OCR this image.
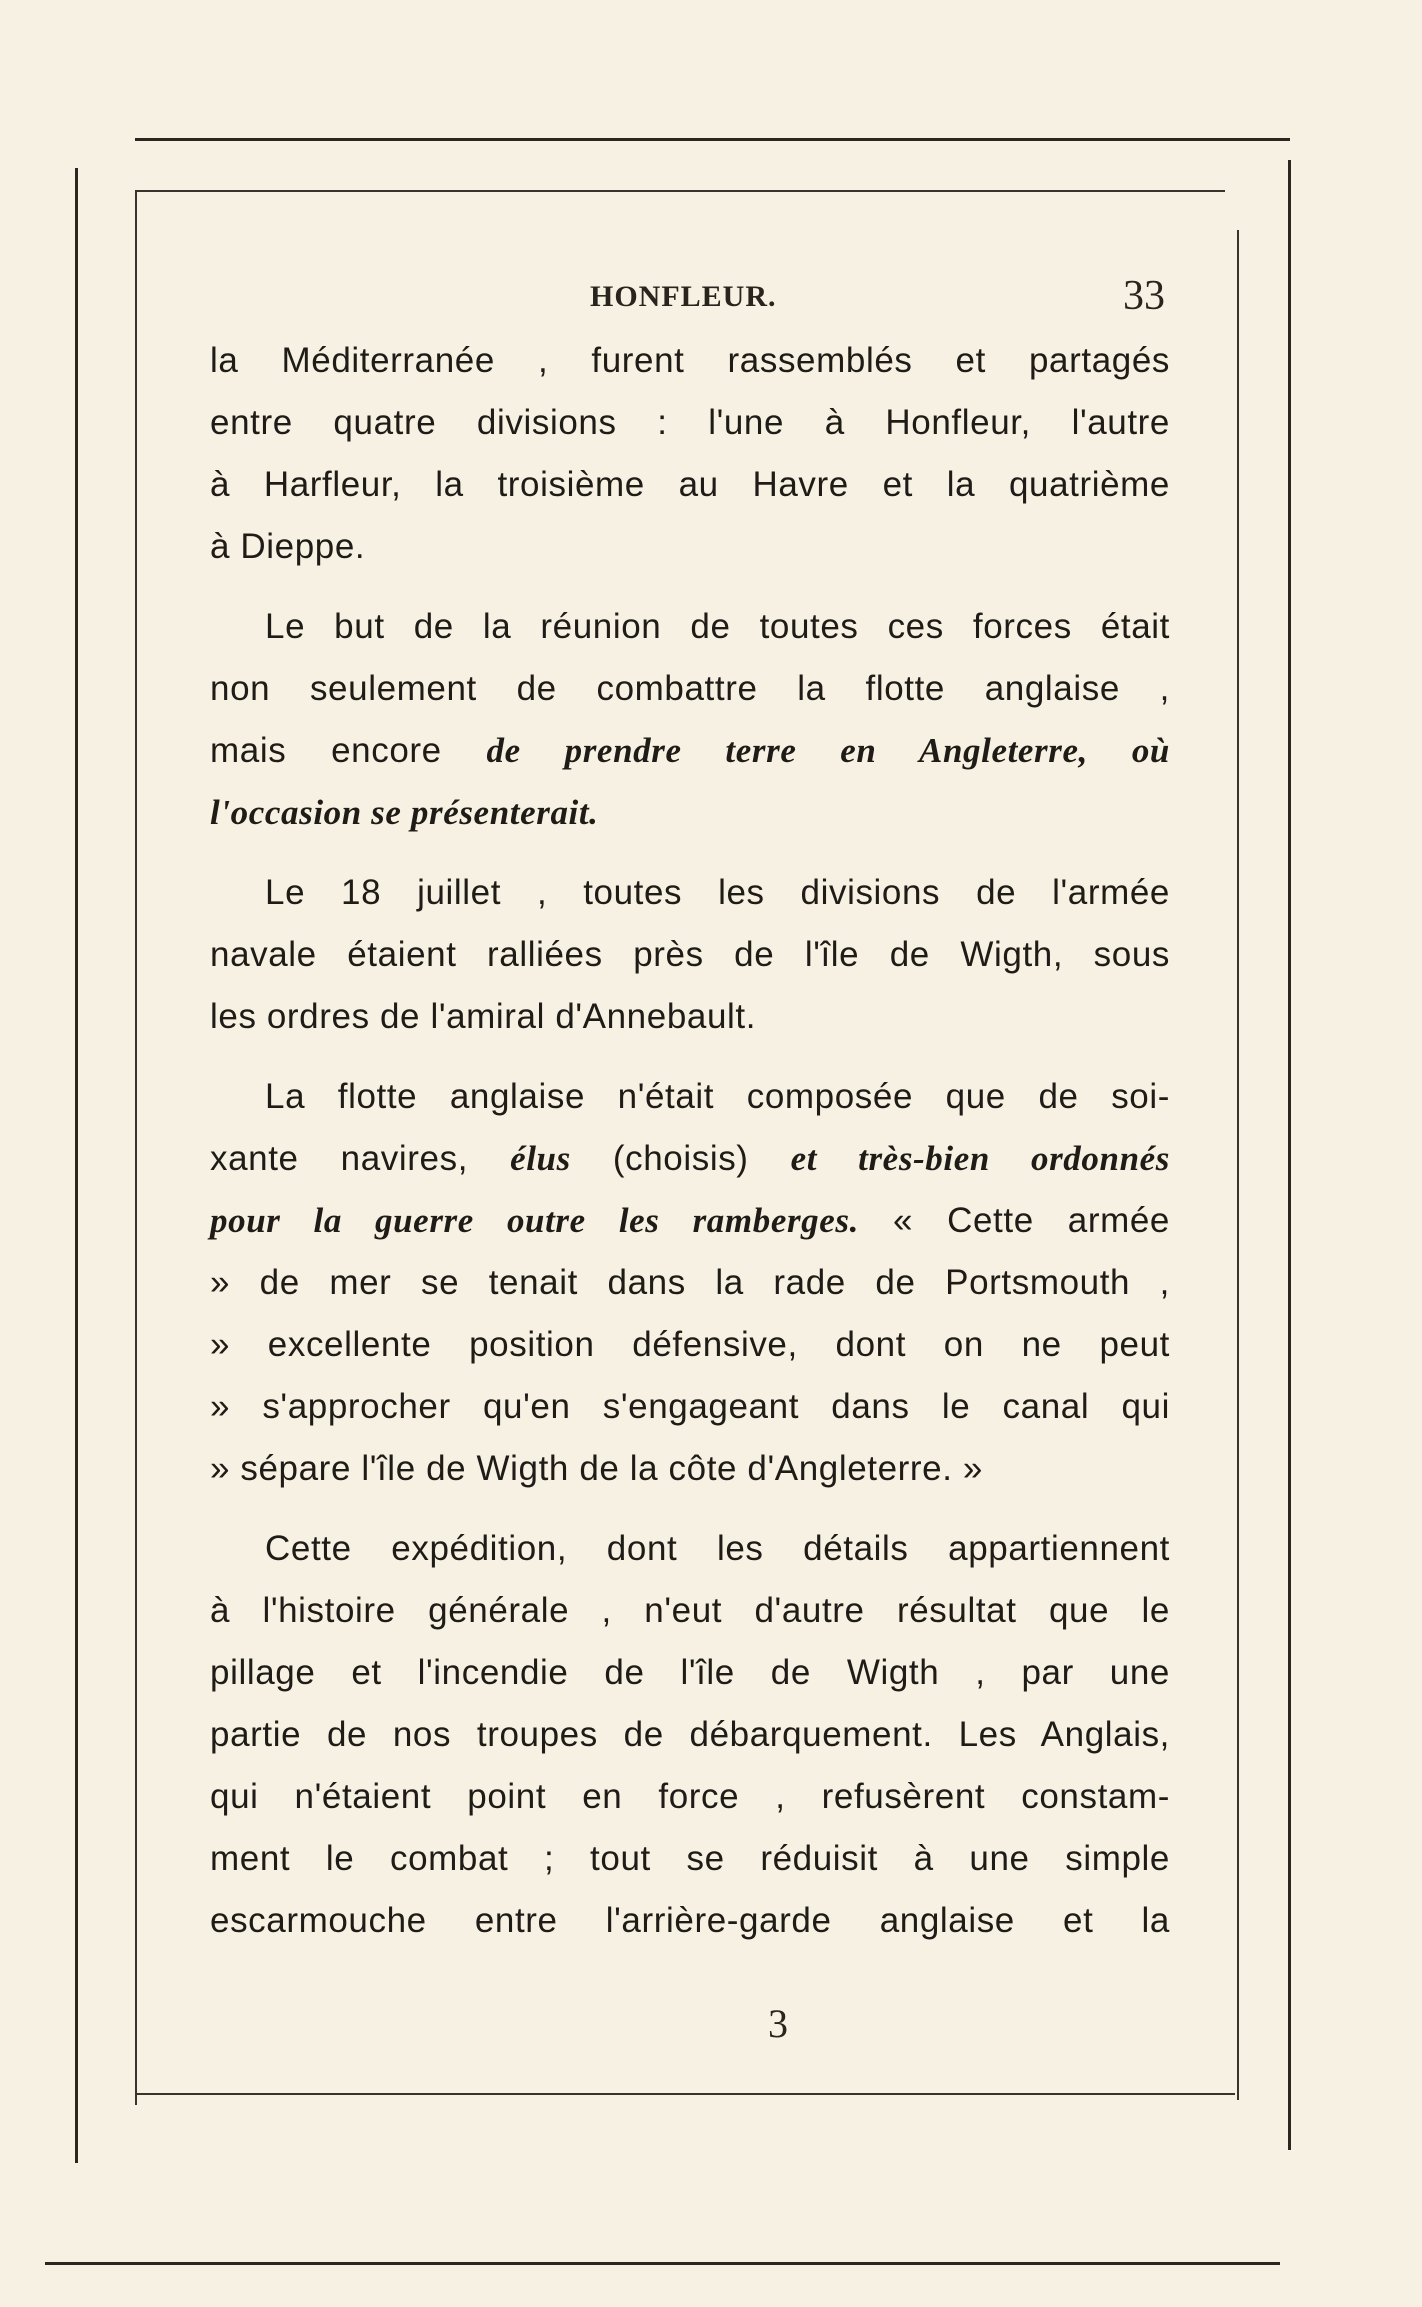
HONFLEUR.	33

la Méditerranée , furent rassemblés et partagés
entre quatre divisions : l'une à Honfleur, l'autre
à Harfleur, la troisième au Havre et la quatrième
à Dieppe.

Le but de la réunion de toutes ces forces était
non seulement de combattre la flotte anglaise ,
mais encore de prendre terre en Angleterre, où
l'occasion se présenterait.

Le 18 juillet , toutes les divisions de l'armée
navale étaient ralliées près de l'île de Wigth, sous
les ordres de l'amiral d'Annebault.

La flotte anglaise n'était composée que de soi-
xante navires, élus (choisis) et très-bien ordonnés
pour la guerre outre les ramberges. « Cette armée
» de mer se tenait dans la rade de Portsmouth ,
» excellente position défensive, dont on ne peut
» s'approcher qu'en s'engageant dans le canal qui
» sépare l'île de Wigth de la côte d'Angleterre. »

Cette expédition, dont les détails appartiennent
à l'histoire générale , n'eut d'autre résultat que le
pillage et l'incendie de l'île de Wigth , par une
partie de nos troupes de débarquement. Les Anglais,
qui n'étaient point en force , refusèrent constam-
ment le combat ; tout se réduisit à une simple
escarmouche entre l'arrière-garde anglaise et la

3
